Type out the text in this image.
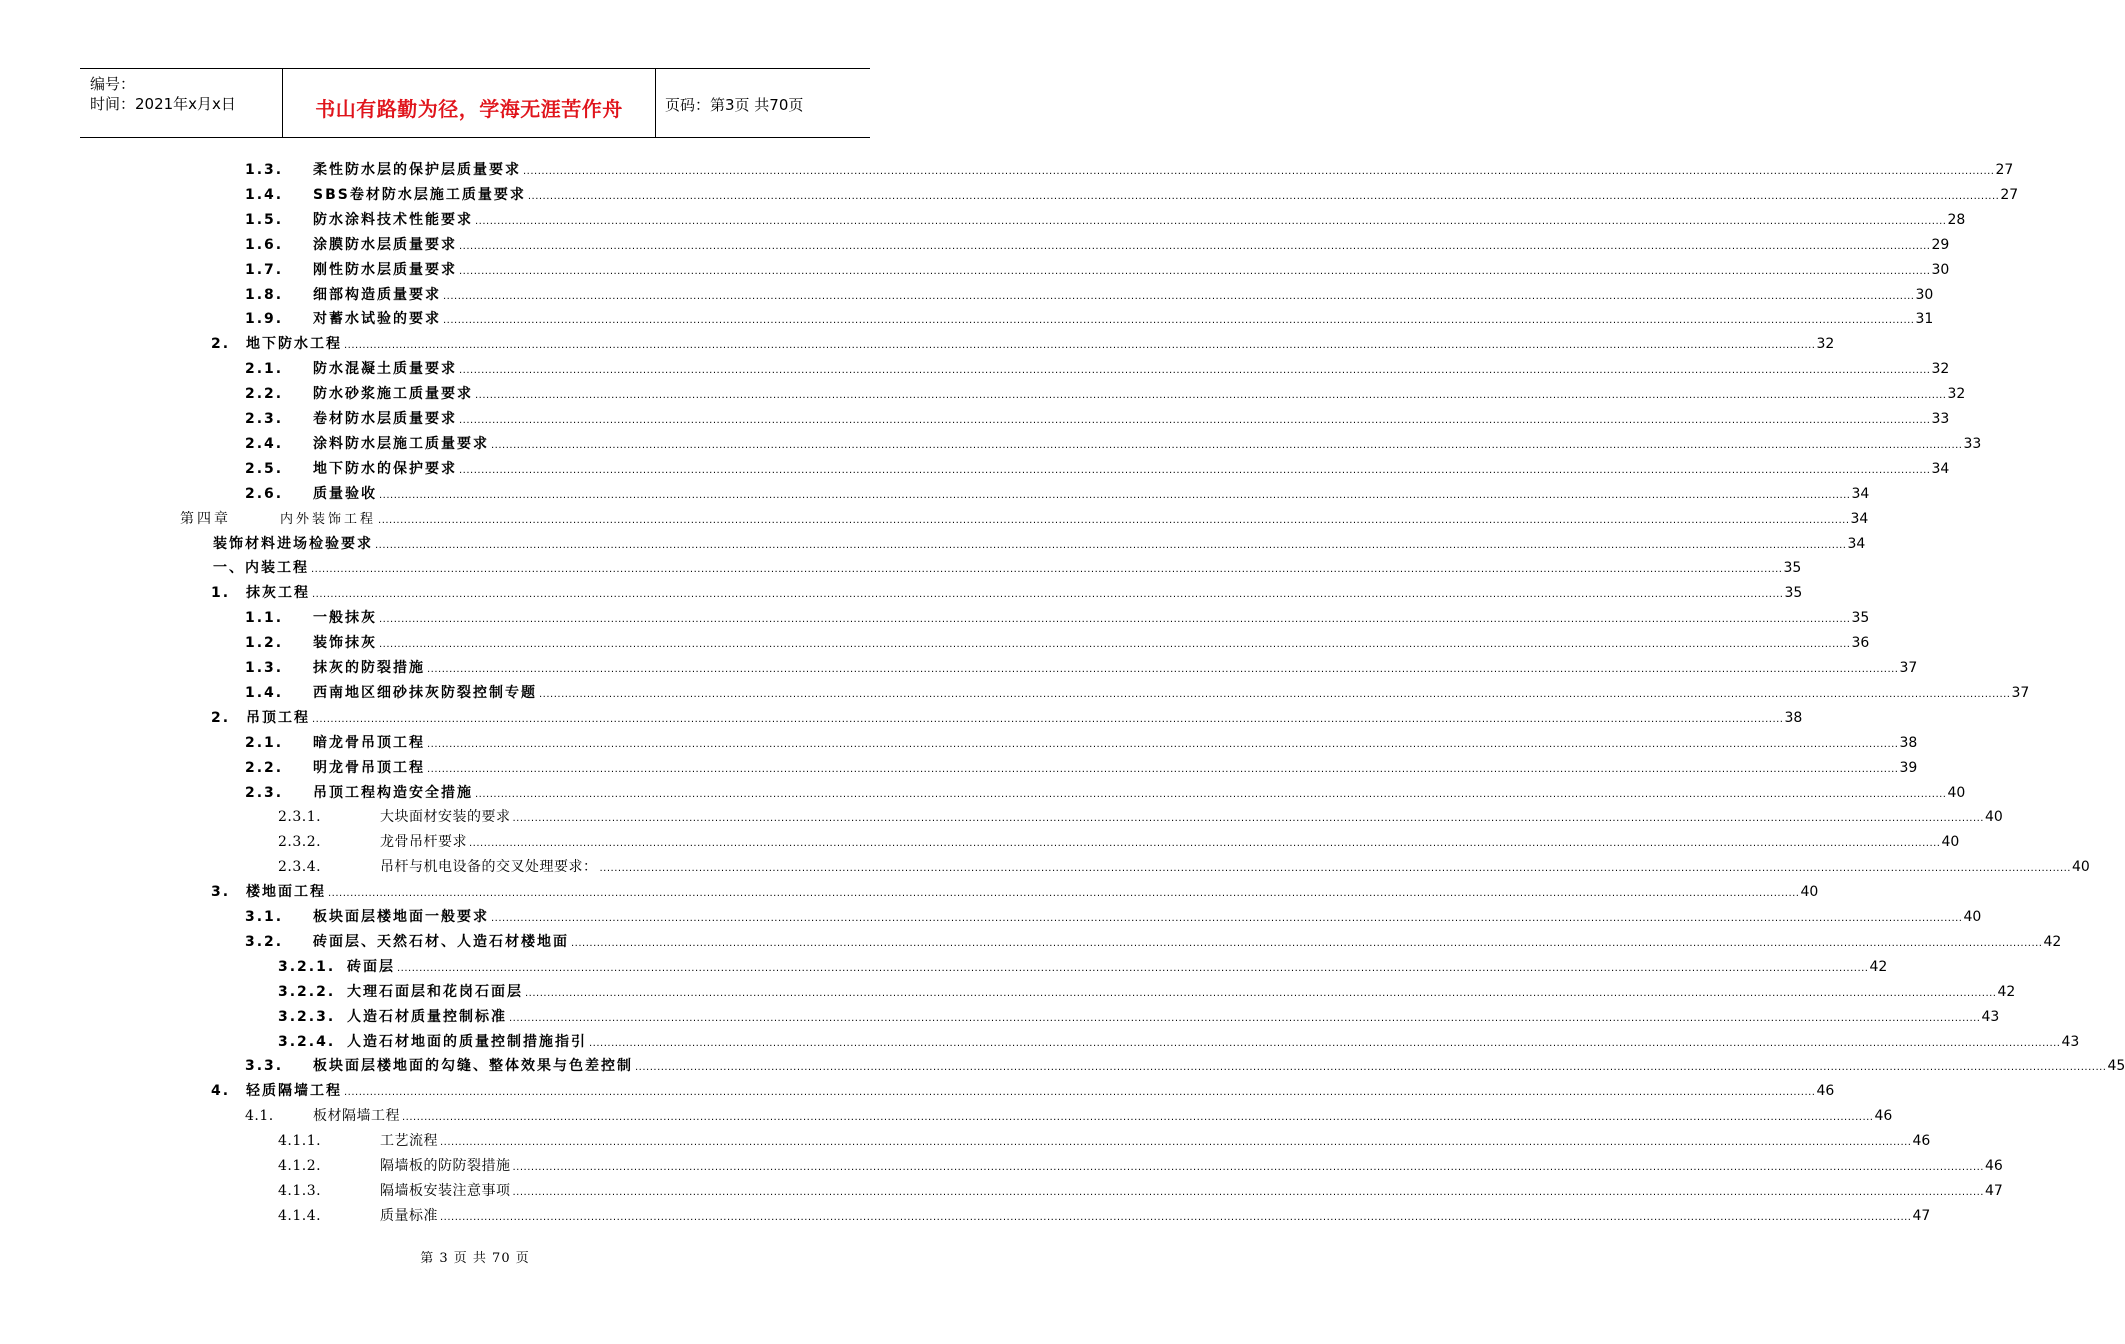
编号：
时间：2021年x月x日	书山有路勤为径，学海无涯苦作舟	页码：第3页 共70页
1.3. 柔性防水层的保护层质量要求 ................................................................................................................................................................................................................................................................................................................................................................................................................ 27
1.4. SBS卷材防水层施工质量要求 ................................................................................................................................................................................................................................................................................................................................................................................................................ 27
1.5. 防水涂料技术性能要求 ................................................................................................................................................................................................................................................................................................................................................................................................................ 28
1.6. 涂膜防水层质量要求 ................................................................................................................................................................................................................................................................................................................................................................................................................ 29
1.7. 刚性防水层质量要求 ................................................................................................................................................................................................................................................................................................................................................................................................................ 30
1.8. 细部构造质量要求 ................................................................................................................................................................................................................................................................................................................................................................................................................ 30
1.9. 对蓄水试验的要求 ................................................................................................................................................................................................................................................................................................................................................................................................................ 31
2. 地下防水工程 ................................................................................................................................................................................................................................................................................................................................................................................................................ 32
2.1. 防水混凝土质量要求 ................................................................................................................................................................................................................................................................................................................................................................................................................ 32
2.2. 防水砂浆施工质量要求 ................................................................................................................................................................................................................................................................................................................................................................................................................ 32
2.3. 卷材防水层质量要求 ................................................................................................................................................................................................................................................................................................................................................................................................................ 33
2.4. 涂料防水层施工质量要求 ................................................................................................................................................................................................................................................................................................................................................................................................................ 33
2.5. 地下防水的保护要求 ................................................................................................................................................................................................................................................................................................................................................................................................................ 34
2.6. 质量验收 ................................................................................................................................................................................................................................................................................................................................................................................................................ 34
第四章	内外装饰工程 ................................................................................................................................................................................................................................................................................................................................................................................................................ 34
装饰材料进场检验要求 ................................................................................................................................................................................................................................................................................................................................................................................................................ 34
一、内装工程 ................................................................................................................................................................................................................................................................................................................................................................................................................ 35
1. 抹灰工程 ................................................................................................................................................................................................................................................................................................................................................................................................................ 35
1.1. 一般抹灰 ................................................................................................................................................................................................................................................................................................................................................................................................................ 35
1.2. 装饰抹灰 ................................................................................................................................................................................................................................................................................................................................................................................................................ 36
1.3. 抹灰的防裂措施 ................................................................................................................................................................................................................................................................................................................................................................................................................ 37
1.4. 西南地区细砂抹灰防裂控制专题 ................................................................................................................................................................................................................................................................................................................................................................................................................ 37
2. 吊顶工程 ................................................................................................................................................................................................................................................................................................................................................................................................................ 38
2.1. 暗龙骨吊顶工程 ................................................................................................................................................................................................................................................................................................................................................................................................................ 38
2.2. 明龙骨吊顶工程 ................................................................................................................................................................................................................................................................................................................................................................................................................ 39
2.3. 吊顶工程构造安全措施 ................................................................................................................................................................................................................................................................................................................................................................................................................ 40
2.3.1.	大块面材安装的要求 ................................................................................................................................................................................................................................................................................................................................................................................................................ 40
2.3.2.	龙骨吊杆要求 ................................................................................................................................................................................................................................................................................................................................................................................................................ 40
2.3.4.	吊杆与机电设备的交叉处理要求： ................................................................................................................................................................................................................................................................................................................................................................................................................ 40
3. 楼地面工程 ................................................................................................................................................................................................................................................................................................................................................................................................................ 40
3.1. 板块面层楼地面一般要求 ................................................................................................................................................................................................................................................................................................................................................................................................................ 40
3.2. 砖面层、天然石材、人造石材楼地面 ................................................................................................................................................................................................................................................................................................................................................................................................................ 42
3.2.1. 砖面层 ................................................................................................................................................................................................................................................................................................................................................................................................................ 42
3.2.2. 大理石面层和花岗石面层 ................................................................................................................................................................................................................................................................................................................................................................................................................ 42
3.2.3. 人造石材质量控制标准 ................................................................................................................................................................................................................................................................................................................................................................................................................ 43
3.2.4. 人造石材地面的质量控制措施指引 ................................................................................................................................................................................................................................................................................................................................................................................................................ 43
3.3. 板块面层楼地面的勾缝、整体效果与色差控制 ................................................................................................................................................................................................................................................................................................................................................................................................................ 45
4. 轻质隔墙工程 ................................................................................................................................................................................................................................................................................................................................................................................................................ 46
4.1.	板材隔墙工程 ................................................................................................................................................................................................................................................................................................................................................................................................................ 46
4.1.1.	工艺流程 ................................................................................................................................................................................................................................................................................................................................................................................................................ 46
4.1.2.	隔墙板的防防裂措施 ................................................................................................................................................................................................................................................................................................................................................................................................................ 46
4.1.3.	隔墙板安装注意事项 ................................................................................................................................................................................................................................................................................................................................................................................................................ 47
4.1.4.	质量标准 ................................................................................................................................................................................................................................................................................................................................................................................................................ 47
第 3 页 共 70 页
